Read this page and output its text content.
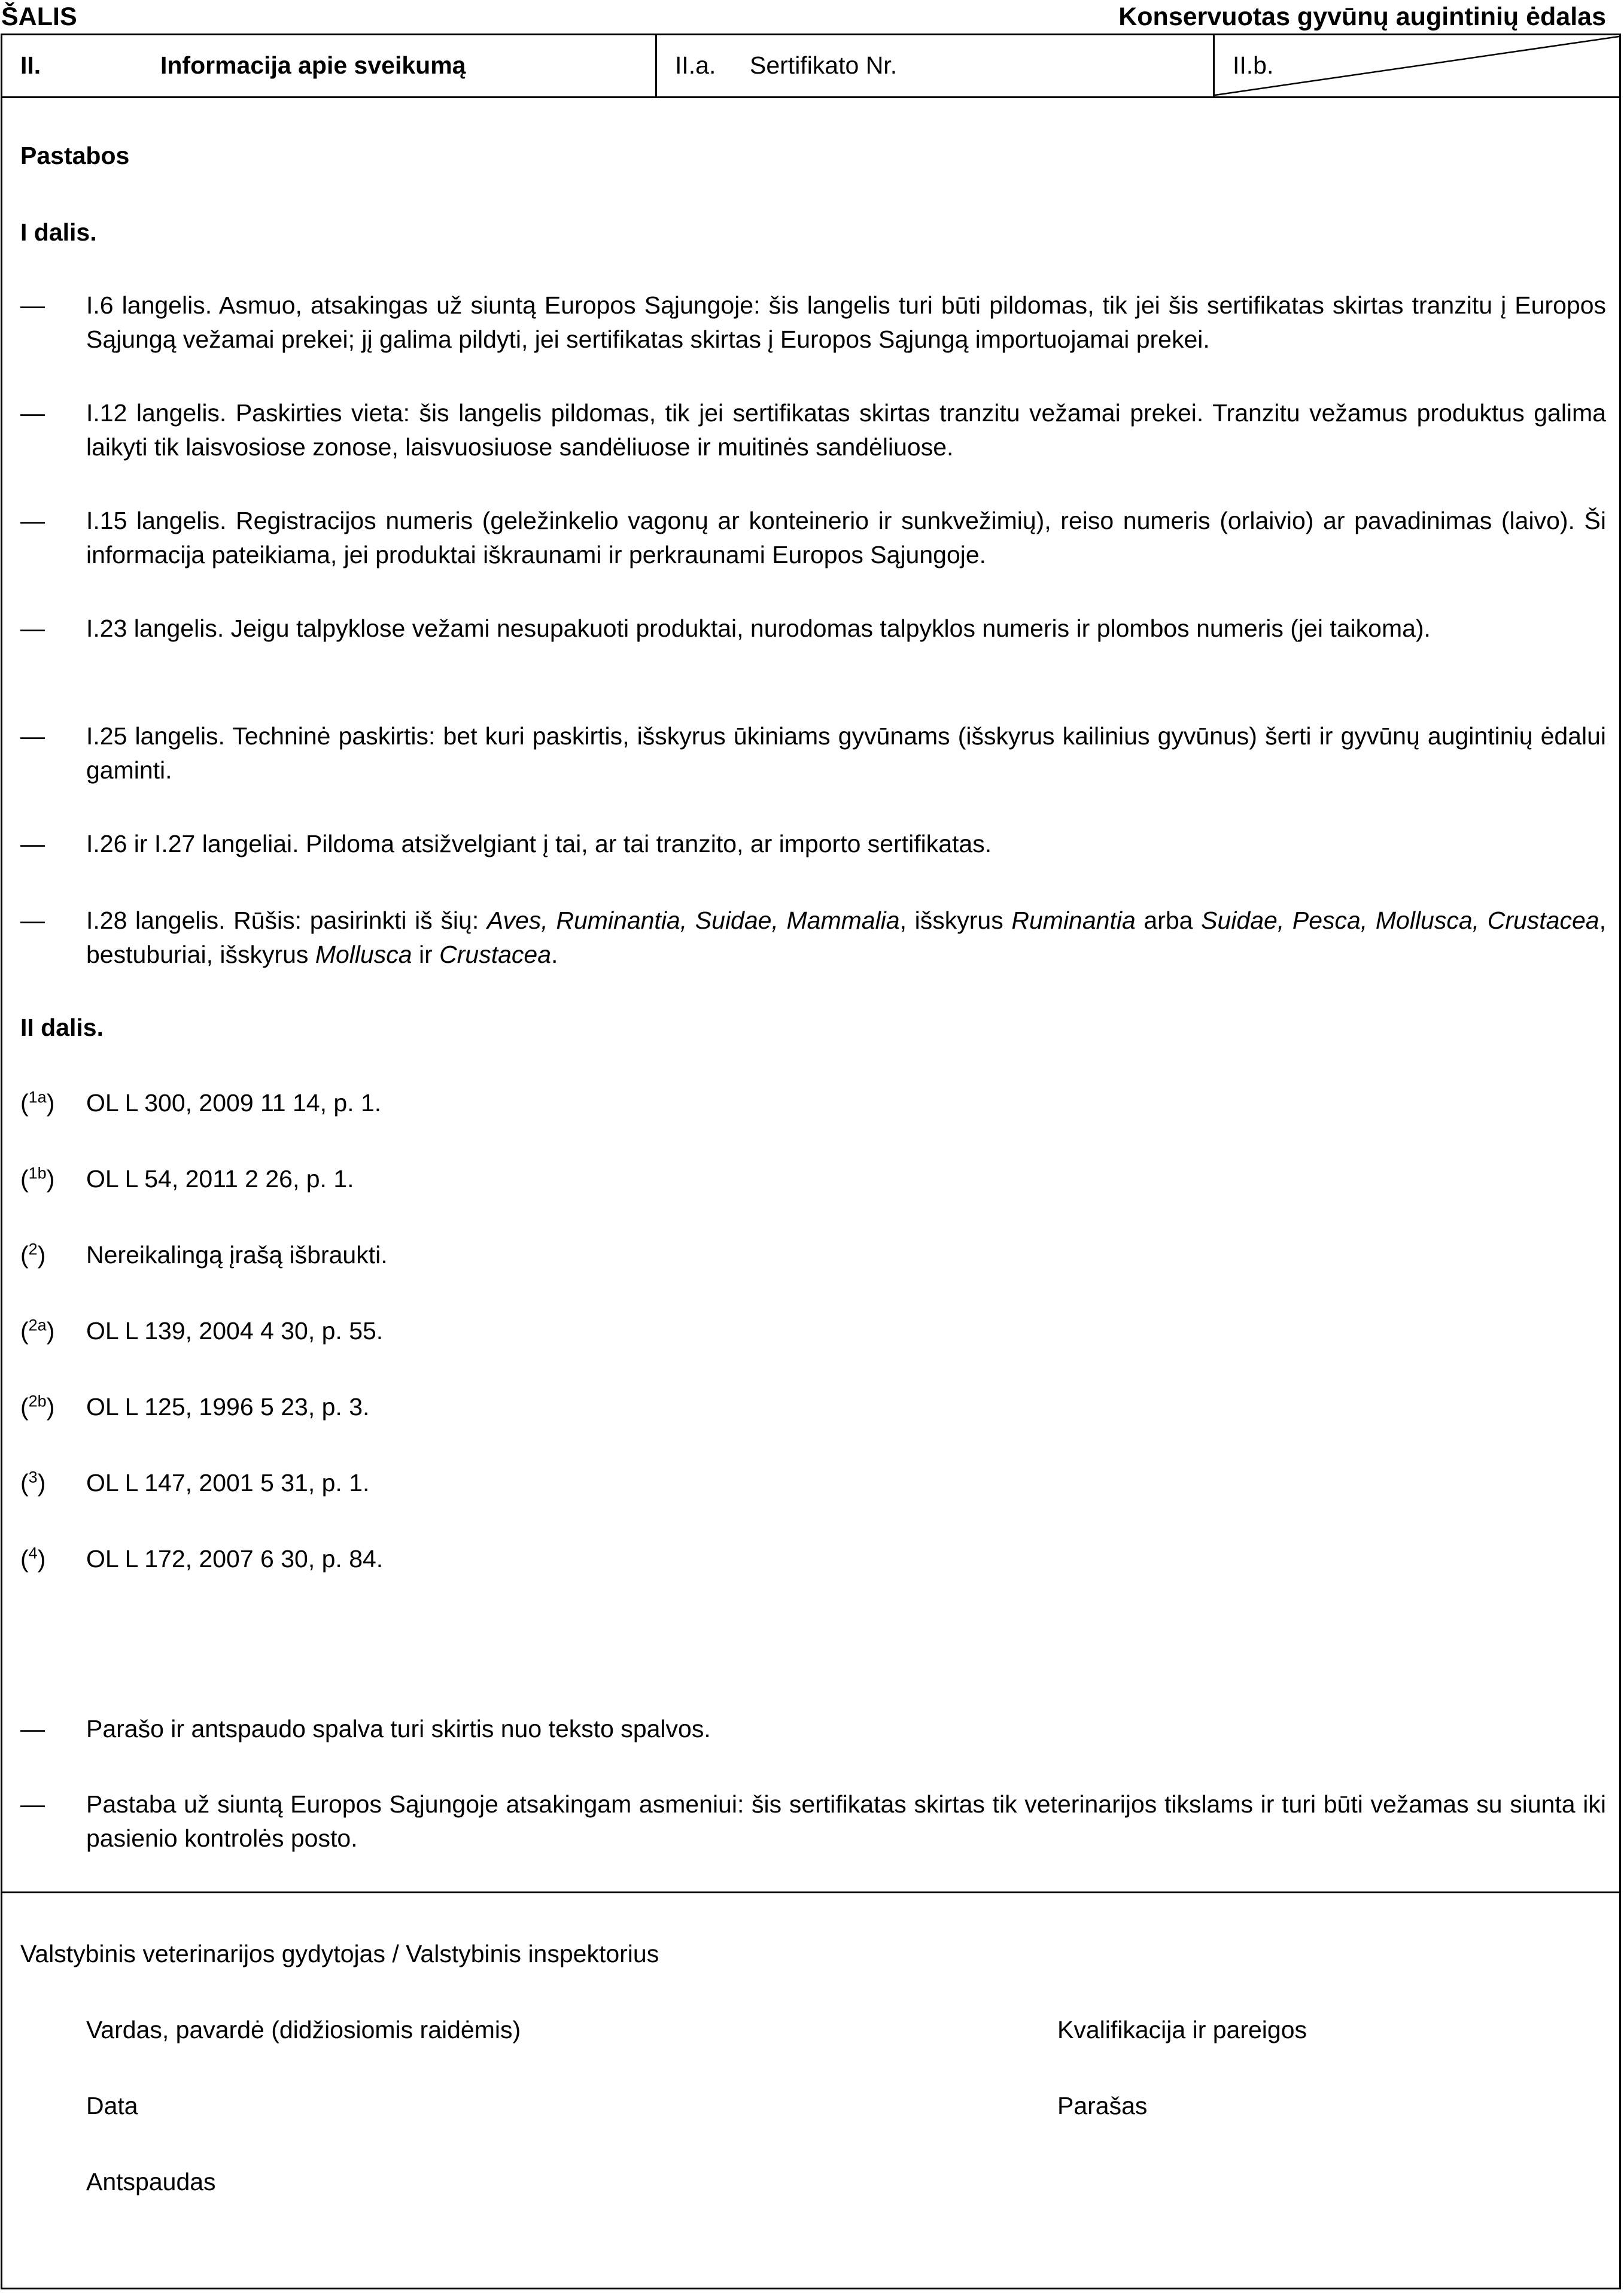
ŠALIS	Konservuotas gyvūnų augintinių ėdalas
II.	Informacija apie sveikumą	II.a. Sertifikato Nr.	II.b.
Pastabos
I dalis.
— I.6 langelis. Asmuo, atsakingas už siuntą Europos Sąjungoje: šis langelis turi būti pildomas, tik jei šis sertifikatas skirtas tranzitu į Europos Sąjungą vežamai prekei; jį galima pildyti, jei sertifikatas skirtas į Europos Sąjungą importuojamai prekei.
— I.12 langelis. Paskirties vieta: šis langelis pildomas, tik jei sertifikatas skirtas tranzitu vežamai prekei. Tranzitu vežamus produktus galima laikyti tik laisvosiose zonose, laisvuosiuose sandėliuose ir muitinės sandėliuose.
— I.15 langelis. Registracijos numeris (geležinkelio vagonų ar konteinerio ir sunkvežimių), reiso numeris (orlaivio) ar pavadinimas (laivo). Ši informacija pateikiama, jei produktai iškraunami ir perkraunami Europos Sąjungoje.
— I.23 langelis. Jeigu talpyklose vežami nesupakuoti produktai, nurodomas talpyklos numeris ir plombos numeris (jei taikoma).
— I.25 langelis. Techninė paskirtis: bet kuri paskirtis, išskyrus ūkiniams gyvūnams (išskyrus kailinius gyvūnus) šerti ir gyvūnų augintinių ėdalui gaminti.
— I.26 ir I.27 langeliai. Pildoma atsižvelgiant į tai, ar tai tranzito, ar importo sertifikatas.
— I.28 langelis. Rūšis: pasirinkti iš šių: Aves, Ruminantia, Suidae, Mammalia, išskyrus Ruminantia arba Suidae, Pesca, Mollusca, Crustacea, bestuburiai, išskyrus Mollusca ir Crustacea.
II dalis.
($^{1a}$) OL L 300, 2009 11 14, p. 1.
($^{1b}$) OL L 54, 2011 2 26, p. 1.
($^2$) Nereikalingą įrašą išbraukti.
($^{2a}$) OL L 139, 2004 4 30, p. 55.
($^{2b}$) OL L 125, 1996 5 23, p. 3.
($^3$) OL L 147, 2001 5 31, p. 1.
($^4$) OL L 172, 2007 6 30, p. 84.
— Parašo ir antspaudo spalva turi skirtis nuo teksto spalvos.
— Pastaba už siuntą Europos Sąjungoje atsakingam asmeniui: šis sertifikatas skirtas tik veterinarijos tikslams ir turi būti vežamas su siunta iki pasienio kontrolės posto.
Valstybinis veterinarijos gydytojas / Valstybinis inspektorius
Vardas, pavardė (didžiosiomis raidėmis)	Kvalifikacija ir pareigos
Data	Parašas
Antspaudas
